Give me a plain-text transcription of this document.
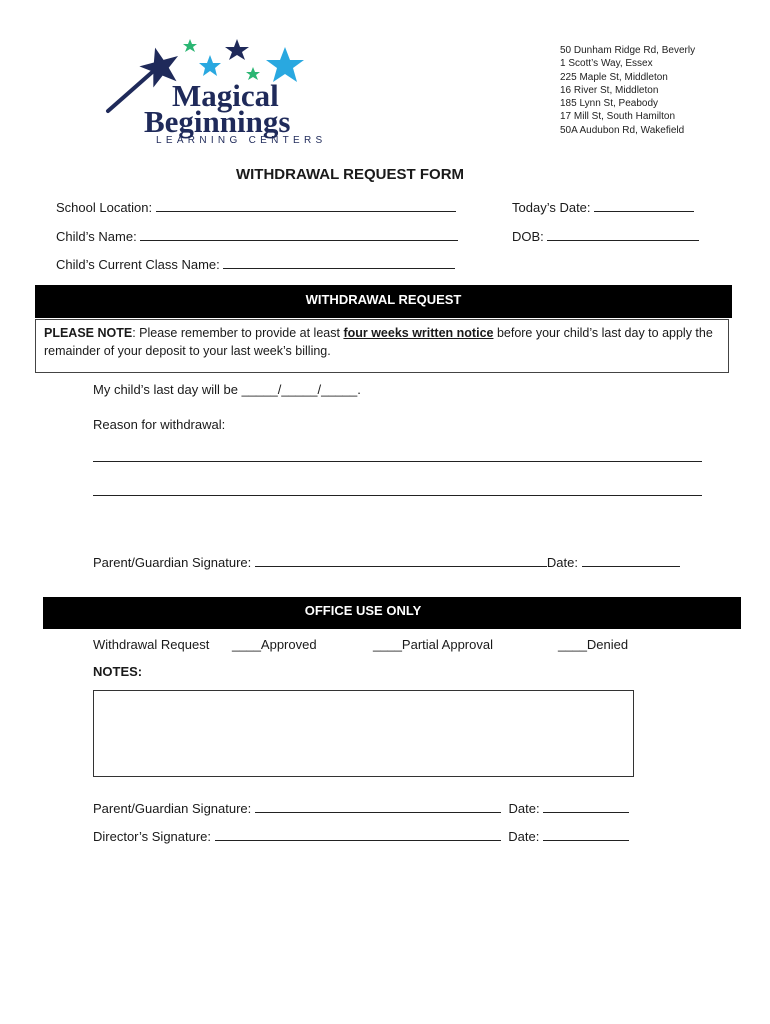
Magical
Beginnings
LEARNING CENTERS
50 Dunham Ridge Rd, Beverly
1 Scott’s Way, Essex
225 Maple St, Middleton
16 River St, Middleton
185 Lynn St, Peabody
17 Mill St, South Hamilton
50A Audubon Rd, Wakefield
WITHDRAWAL REQUEST FORM
School Location:	Today’s Date:
Child’s Name:	DOB:
Child’s Current Class Name:
WITHDRAWAL REQUEST
PLEASE NOTE: Please remember to provide at least four weeks written notice before your child’s last day to apply the remainder of your deposit to your last week’s billing.
My child’s last day will be _____/_____/_____.
Reason for withdrawal:
Parent/Guardian Signature:	Date:
OFFICE USE ONLY
Withdrawal Request ____Approved	____Partial Approval	____Denied
NOTES:
Parent/Guardian Signature:	Date:
Director’s Signature:	Date:
